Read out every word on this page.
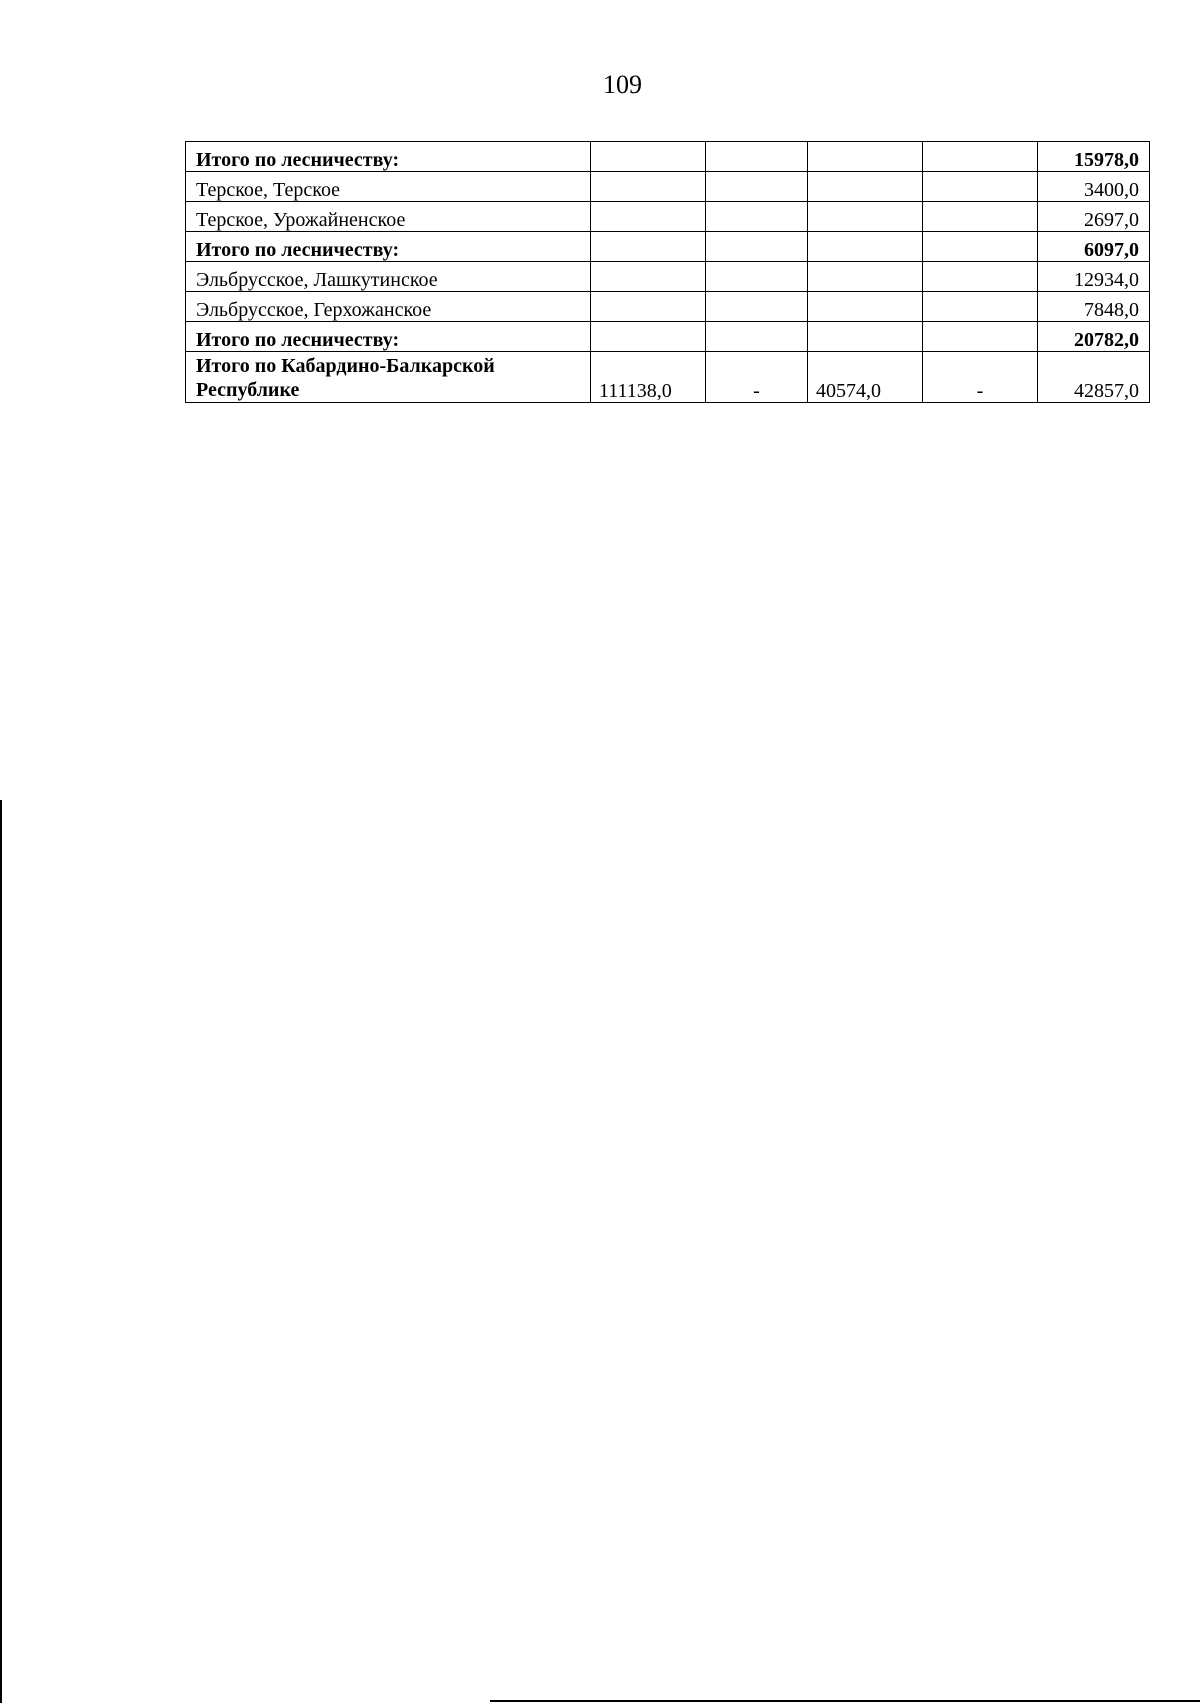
109
Итого по лесничеству:					15978,0
Терское, Терское					3400,0
Терское, Урожайненское					2697,0
Итого по лесничеству:					6097,0
Эльбрусское, Лашкутинское					12934,0
Эльбрусское, Герхожанское					7848,0
Итого по лесничеству:					20782,0
Итого по Кабардино-Балкарской Республике	111138,0	-	40574,0	-	42857,0
